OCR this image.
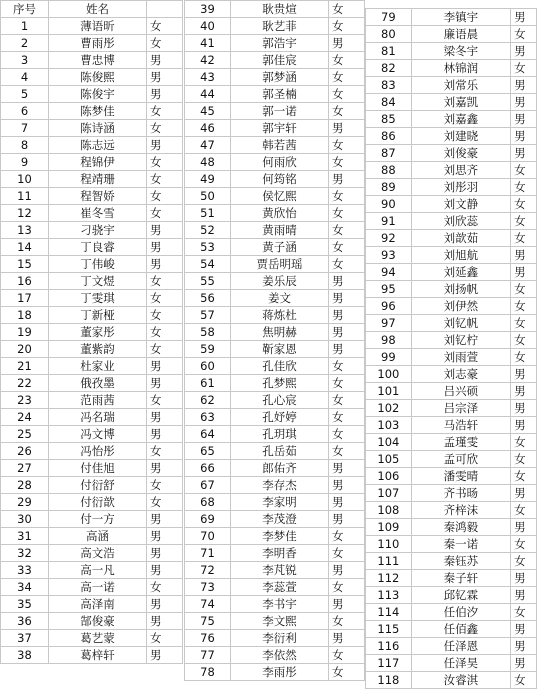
序号	姓名	
1	薄语昕	女
2	曹雨彤	女
3	曹忠博	男
4	陈俊熙	男
5	陈俊宇	男
6	陈梦佳	女
7	陈诗涵	女
8	陈志远	男
9	程锦伊	女
10	程靖珊	女
11	程智娇	女
12	崔冬雪	女
13	刁骁宇	男
14	丁良睿	男
15	丁伟峻	男
16	丁文煜	女
17	丁雯琪	女
18	丁新桠	女
19	董家彤	女
20	董紫韵	女
21	杜家业	男
22	俄孜墨	男
23	范雨茜	女
24	冯名瑞	男
25	冯文博	男
26	冯怡彤	女
27	付佳旭	男
28	付衍舒	女
29	付衍歆	女
30	付一方	男
31	高涵	男
32	高文浩	男
33	高一凡	男
34	高一诺	女
35	高泽南	男
36	郜俊豪	男
37	葛艺蒙	女
38	葛梓轩	男
39	耿贵煊	女
40	耿艺菲	女
41	郭浩宇	男
42	郭佳宸	女
43	郭梦涵	女
44	郭圣楠	女
45	郭一诺	女
46	郭宇轩	男
47	韩若茜	女
48	何雨欣	女
49	何筠铭	男
50	侯忆熙	女
51	黄欣怡	女
52	黄雨晴	女
53	黄子涵	女
54	贾岳明瑶	女
55	姜乐辰	男
56	姜文	男
57	蒋炼杜	男
58	焦明赫	男
59	靳家恩	男
60	孔佳欣	女
61	孔梦熙	女
62	孔心宸	女
63	孔妤婷	女
64	孔玥琪	女
65	孔岳茹	女
66	郎佑齐	男
67	李存杰	男
68	李家明	男
69	李茂澄	男
70	李梦佳	女
71	李明香	女
72	李芃锐	男
73	李蕊萱	女
74	李书宇	男
75	李文熙	女
76	李衍利	男
77	李依然	女
78	李雨彤	女
79	李镇宇	男
80	廉语晨	女
81	梁冬宇	男
82	林锦润	女
83	刘常乐	男
84	刘嘉凯	男
85	刘嘉鑫	男
86	刘建晓	男
87	刘俊豪	男
88	刘思齐	女
89	刘彤羽	女
90	刘文静	女
91	刘欣蕊	女
92	刘歆茹	女
93	刘旭航	男
94	刘延鑫	男
95	刘扬帆	女
96	刘伊然	女
97	刘钇帆	女
98	刘钇柠	女
99	刘雨萱	女
100	刘志豪	男
101	吕兴硕	男
102	吕宗泽	男
103	马浩轩	男
104	孟瑾雯	女
105	孟可欣	女
106	潘雯晴	女
107	齐书旸	男
108	齐梓沫	女
109	秦鸿毅	男
110	秦一诺	女
111	秦钰苏	女
112	秦子轩	男
113	邱钇霖	男
114	任伯汐	女
115	任佰鑫	男
116	任泽恩	男
117	任泽昊	男
118	汝睿淇	女
